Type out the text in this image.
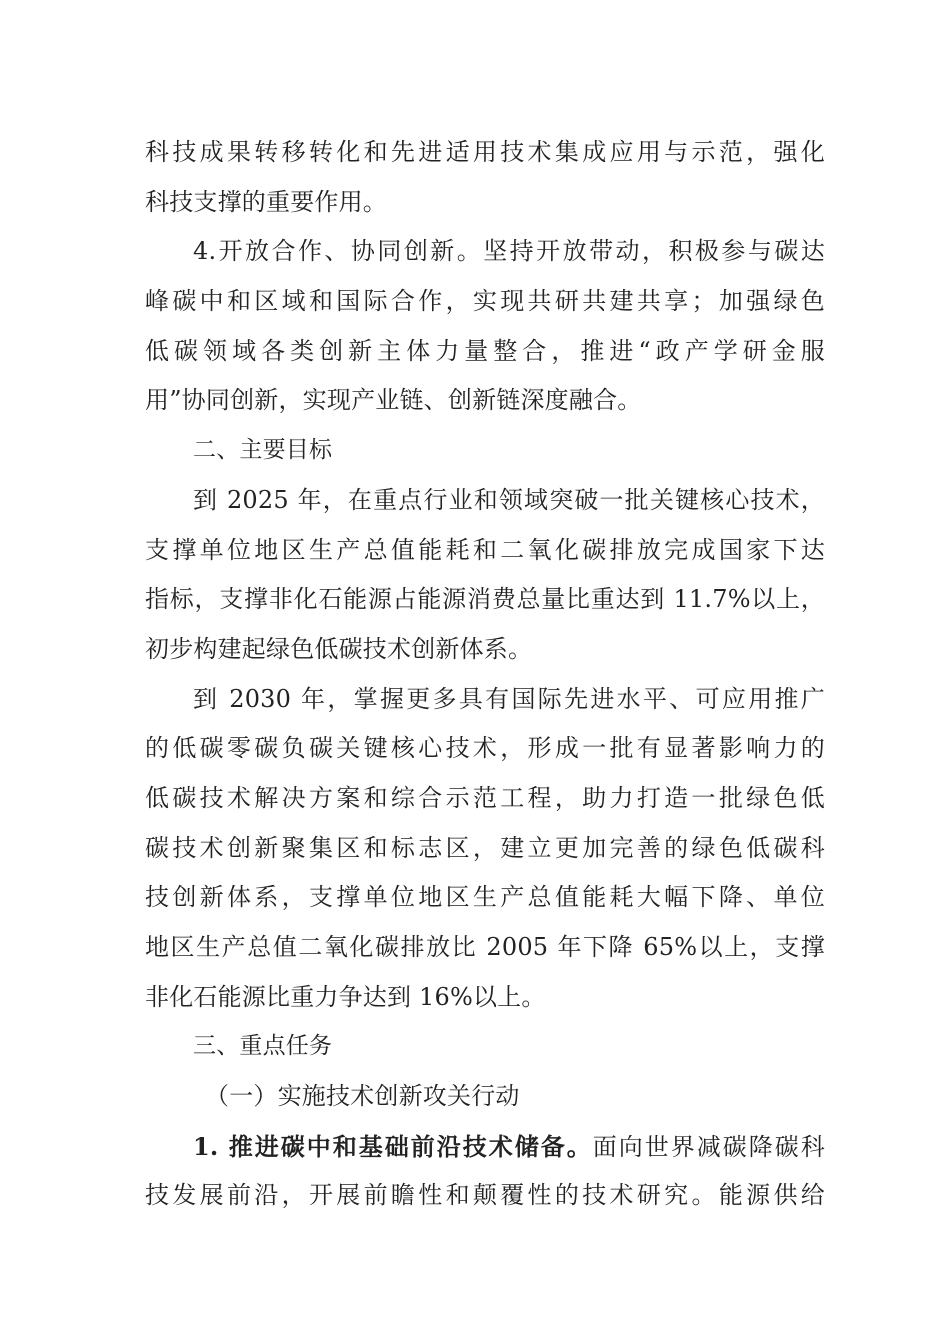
科技成果转移转化和先进适用技术集成应用与示范，强化
科技支撑的重要作用。
4.开放合作、协同创新。坚持开放带动，积极参与碳达
峰碳中和区域和国际合作，实现共研共建共享；加强绿色
低碳领域各类创新主体力量整合，推进“政产学研金服
用”协同创新，实现产业链、创新链深度融合。
二、主要目标
到 2025 年，在重点行业和领域突破一批关键核心技术，
支撑单位地区生产总值能耗和二氧化碳排放完成国家下达
指标，支撑非化石能源占能源消费总量比重达到 11.7%以上，
初步构建起绿色低碳技术创新体系。
到 2030 年，掌握更多具有国际先进水平、可应用推广
的低碳零碳负碳关键核心技术，形成一批有显著影响力的
低碳技术解决方案和综合示范工程，助力打造一批绿色低
碳技术创新聚集区和标志区，建立更加完善的绿色低碳科
技创新体系，支撑单位地区生产总值能耗大幅下降、单位
地区生产总值二氧化碳排放比 2005 年下降 65%以上，支撑
非化石能源比重力争达到 16%以上。
三、重点任务
（一）实施技术创新攻关行动
1. 推进碳中和基础前沿技术储备。面向世界减碳降碳科
技发展前沿，开展前瞻性和颠覆性的技术研究。能源供给
